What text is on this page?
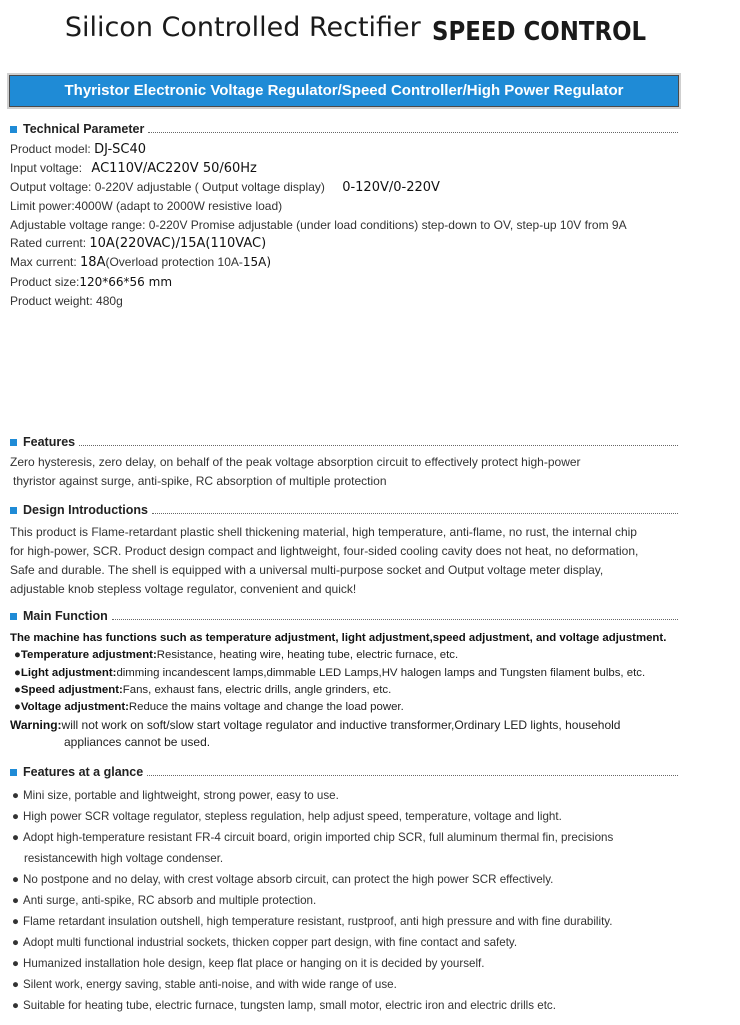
Silicon Controlled Rectifier SPEED CONTROL
Thyristor Electronic Voltage Regulator/Speed Controller/High Power Regulator
Technical Parameter
Product model: DJ-SC40
Input voltage: AC110V/AC220V 50/60Hz
Output voltage: 0-220V adjustable ( Output voltage display) 0-120V/0-220V
Limit power:4000W (adapt to 2000W resistive load)
Adjustable voltage range: 0-220V Promise adjustable (under load conditions) step-down to OV, step-up 10V from 9A
Rated current: 10A(220VAC)/15A(110VAC)
Max current: 18A(Overload protection 10A-15A)
Product size:120*66*56 mm
Product weight: 480g
Features
Zero hysteresis, zero delay, on behalf of the peak voltage absorption circuit to effectively protect high-power
thyristor against surge, anti-spike, RC absorption of multiple protection
Design Introductions
This product is Flame-retardant plastic shell thickening material, high temperature, anti-flame, no rust, the internal chip
for high-power, SCR. Product design compact and lightweight, four-sided cooling cavity does not heat, no deformation,
Safe and durable. The shell is equipped with a universal multi-purpose socket and Output voltage meter display,
adjustable knob stepless voltage regulator, convenient and quick!
Main Function
The machine has functions such as temperature adjustment, light adjustment,speed adjustment, and voltage adjustment.
●Temperature adjustment:Resistance, heating wire, heating tube, electric furnace, etc.
●Light adjustment:dimming incandescent lamps,dimmable LED Lamps,HV halogen lamps and Tungsten filament bulbs, etc.
●Speed adjustment:Fans, exhaust fans, electric drills, angle grinders, etc.
●Voltage adjustment:Reduce the mains voltage and change the load power.
Warning:will not work on soft/slow start voltage regulator and inductive transformer,Ordinary LED lights, household
appliances cannot be used.
Features at a glance
● Mini size, portable and lightweight, strong power, easy to use.
● High power SCR voltage regulator, stepless regulation, help adjust speed, temperature, voltage and light.
● Adopt high-temperature resistant FR-4 circuit board, origin imported chip SCR, full aluminum thermal fin, precisions
resistancewith high voltage condenser.
● No postpone and no delay, with crest voltage absorb circuit, can protect the high power SCR effectively.
● Anti surge, anti-spike, RC absorb and multiple protection.
● Flame retardant insulation outshell, high temperature resistant, rustproof, anti high pressure and with fine durability.
● Adopt multi functional industrial sockets, thicken copper part design, with fine contact and safety.
● Humanized installation hole design, keep flat place or hanging on it is decided by yourself.
● Silent work, energy saving, stable anti-noise, and with wide range of use.
● Suitable for heating tube, electric furnace, tungsten lamp, small motor, electric iron and electric drills etc.
